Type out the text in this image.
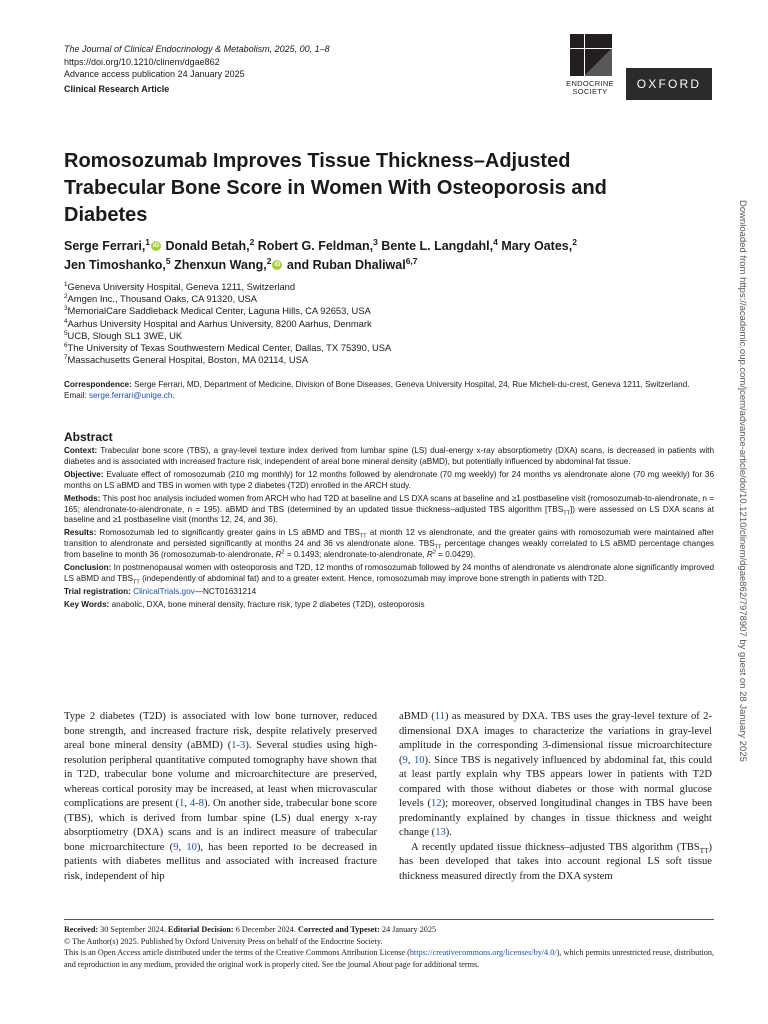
The Journal of Clinical Endocrinology & Metabolism, 2025, 00, 1–8
https://doi.org/10.1210/clinem/dgae862
Advance access publication 24 January 2025
Clinical Research Article	ENDOCRINE SOCIETY
OXFORD
Romosozumab Improves Tissue Thickness–Adjusted Trabecular Bone Score in Women With Osteoporosis and Diabetes
Serge Ferrari,$^1$ iD Donald Betah,$^2$ Robert G. Feldman,$^3$ Bente L. Langdahl,$^4$ Mary Oates,$^2$
Jen Timoshanko,$^5$ Zhenxun Wang,$^2$ iD and Ruban Dhaliwal$^{6,7}$
$^1$Geneva University Hospital, Geneva 1211, Switzerland
$^2$Amgen Inc., Thousand Oaks, CA 91320, USA
$^3$MemorialCare Saddleback Medical Center, Laguna Hills, CA 92653, USA
$^4$Aarhus University Hospital and Aarhus University, 8200 Aarhus, Denmark
$^5$UCB, Slough SL1 3WE, UK
$^6$The University of Texas Southwestern Medical Center, Dallas, TX 75390, USA
$^7$Massachusetts General Hospital, Boston, MA 02114, USA
Correspondence: Serge Ferrari, MD, Department of Medicine, Division of Bone Diseases, Geneva University Hospital, 24, Rue Micheli-du-crest, Geneva 1211, Switzerland. Email: serge.ferrari@unige.ch.
Abstract

Context: Trabecular bone score (TBS), a gray-level texture index derived from lumbar spine (LS) dual-energy x-ray absorptiometry (DXA) scans, is decreased in patients with diabetes and is associated with increased fracture risk, independent of areal bone mineral density (aBMD), but potentially influenced by abdominal fat tissue.

Objective: Evaluate effect of romosozumab (210 mg monthly) for 12 months followed by alendronate (70 mg weekly) for 24 months vs alendronate alone (70 mg weekly) for 36 months on LS aBMD and TBS in women with type 2 diabetes (T2D) enrolled in the ARCH study.

Methods: This post hoc analysis included women from ARCH who had T2D at baseline and LS DXA scans at baseline and ≥1 postbaseline visit (romosozumab-to-alendronate, n = 165; alendronate-to-alendronate, n = 195). aBMD and TBS (determined by an updated tissue thickness–adjusted TBS algorithm $[TBS_{TT}]$) were assessed on LS DXA scans at baseline and ≥1 postbaseline visit (months 12, 24, and 36).

Results: Romosozumab led to significantly greater gains in LS aBMD and $TBS_{TT}$ at month 12 vs alendronate, and the greater gains with romosozumab were maintained after transition to alendronate and persisted significantly at months 24 and 36 vs alendronate alone. $TBS_{TT}$ percentage changes weakly correlated to LS aBMD percentage changes from baseline to month 36 (romosozumab-to-alendronate, $R^2 = 0.1493$; alendronate-to-alendronate, $R^2 = 0.0429$).

Conclusion: In postmenopausal women with osteoporosis and T2D, 12 months of romosozumab followed by 24 months of alendronate vs alendronate alone significantly improved LS aBMD and $TBS_{TT}$ (independently of abdominal fat) and to a greater extent. Hence, romosozumab may improve bone strength in patients with T2D.

Trial registration: ClinicalTrials.gov—NCT01631214

Key Words: anabolic, DXA, bone mineral density, fracture risk, type 2 diabetes (T2D), osteoporosis

Type 2 diabetes (T2D) is associated with low bone turnover, reduced bone strength, and increased fracture risk, despite relatively preserved areal bone mineral density (aBMD) (1-3). Several studies using high-resolution peripheral quantitative computed tomography have shown that in T2D, trabecular bone volume and microarchitecture are preserved, whereas cortical porosity may be increased, at least when microvascular complications are present (1, 4-8). On another side, trabecular bone score (TBS), which is derived from lumbar spine (LS) dual energy x-ray absorptiometry (DXA) scans and is an indirect measure of trabecular bone microarchitecture (9, 10), has been reported to be decreased in patients with diabetes mellitus and associated with increased fracture risk, independent of hip

aBMD (11) as measured by DXA. TBS uses the gray-level texture of 2-dimensional DXA images to characterize the variations in gray-level amplitude in the corresponding 3-dimensional tissue microarchitecture (9, 10). Since TBS is negatively influenced by abdominal fat, this could at least partly explain why TBS appears lower in patients with T2D compared with those without diabetes or those with normal glucose levels (12); moreover, observed longitudinal changes in TBS have been predominantly explained by changes in tissue thickness and weight change (13).

A recently updated tissue thickness–adjusted TBS algorithm $(TBS_{TT})$ has been developed that takes into account regional LS soft tissue thickness measured directly from the DXA system

Received: 30 September 2024. Editorial Decision: 6 December 2024. Corrected and Typeset: 24 January 2025
© The Author(s) 2025. Published by Oxford University Press on behalf of the Endocrine Society.
This is an Open Access article distributed under the terms of the Creative Commons Attribution License (https://creativecommons.org/licenses/by/4.0/), which permits unrestricted reuse, distribution, and reproduction in any medium, provided the original work is properly cited. See the journal About page for additional terms.
Downloaded from https://academic.oup.com/jcem/advance-article/doi/10.1210/clinem/dgae862/7978907 by guest on 28 January 2025
